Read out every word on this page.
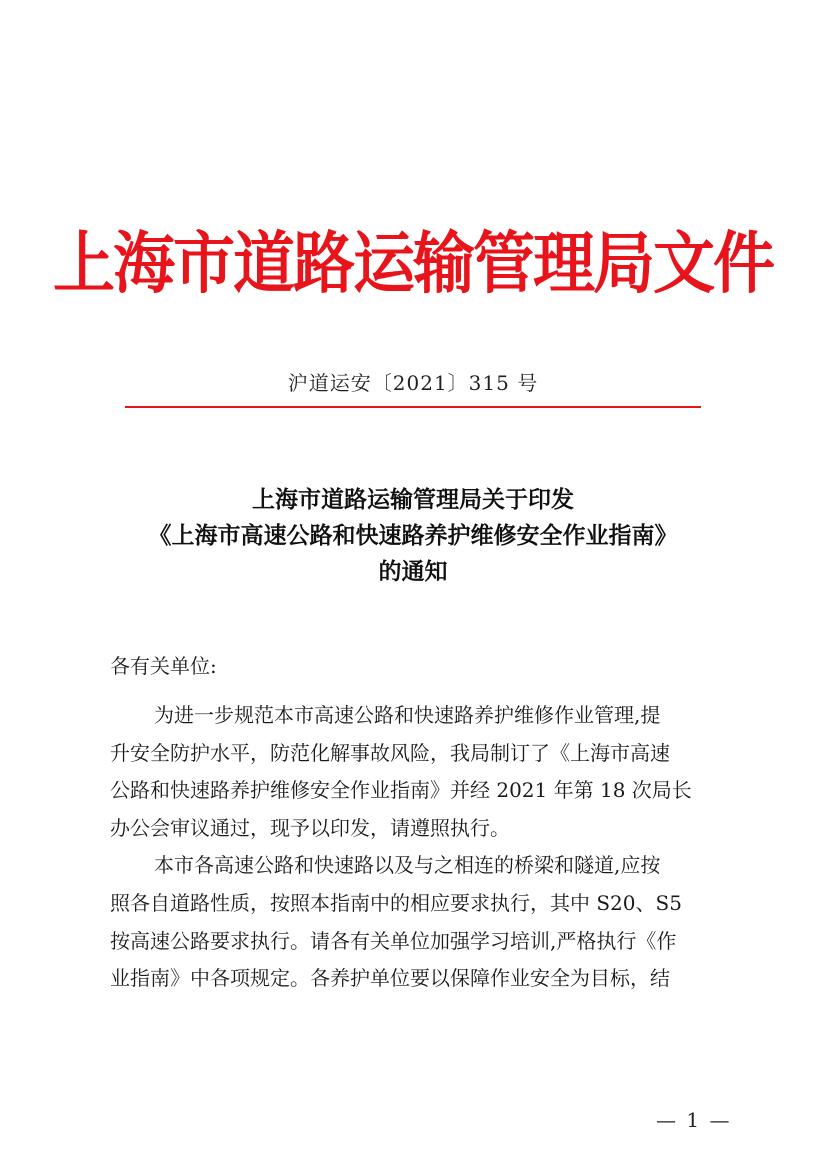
上海市道路运输管理局文件
沪道运安〔2021〕315 号
上海市道路运输管理局关于印发
《上海市高速公路和快速路养护维修安全作业指南》
的通知
各有关单位:
为进一步规范本市高速公路和快速路养护维修作业管理,提
升安全防护水平，防范化解事故风险，我局制订了《上海市高速
公路和快速路养护维修安全作业指南》并经 2021 年第 18 次局长
办公会审议通过，现予以印发，请遵照执行。
本市各高速公路和快速路以及与之相连的桥梁和隧道,应按
照各自道路性质，按照本指南中的相应要求执行，其中 S20、S5
按高速公路要求执行。请各有关单位加强学习培训,严格执行《作
业指南》中各项规定。各养护单位要以保障作业安全为目标，结
— 1 —
